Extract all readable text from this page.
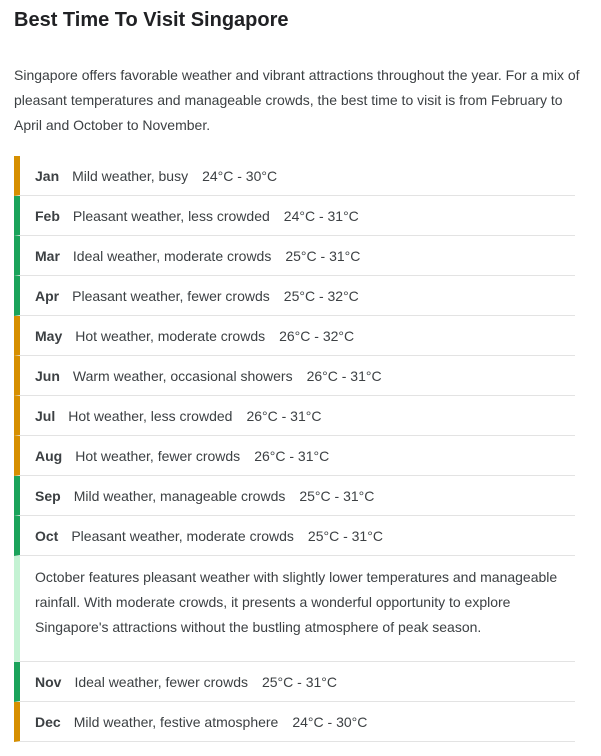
Best Time To Visit Singapore

Singapore offers favorable weather and vibrant attractions throughout the year. For a mix of pleasant temperatures and manageable crowds, the best time to visit is from February to April and October to November.

Jan Mild weather, busy 24°C - 30°C
Feb Pleasant weather, less crowded 24°C - 31°C
Mar Ideal weather, moderate crowds 25°C - 31°C
Apr Pleasant weather, fewer crowds 25°C - 32°C
May Hot weather, moderate crowds 26°C - 32°C
Jun Warm weather, occasional showers 26°C - 31°C
Jul Hot weather, less crowded 26°C - 31°C
Aug Hot weather, fewer crowds 26°C - 31°C
Sep Mild weather, manageable crowds 25°C - 31°C
Oct Pleasant weather, moderate crowds 25°C - 31°C
October features pleasant weather with slightly lower temperatures and manageable rainfall. With moderate crowds, it presents a wonderful opportunity to explore Singapore's attractions without the bustling atmosphere of peak season.
Nov Ideal weather, fewer crowds 25°C - 31°C
Dec Mild weather, festive atmosphere 24°C - 30°C
